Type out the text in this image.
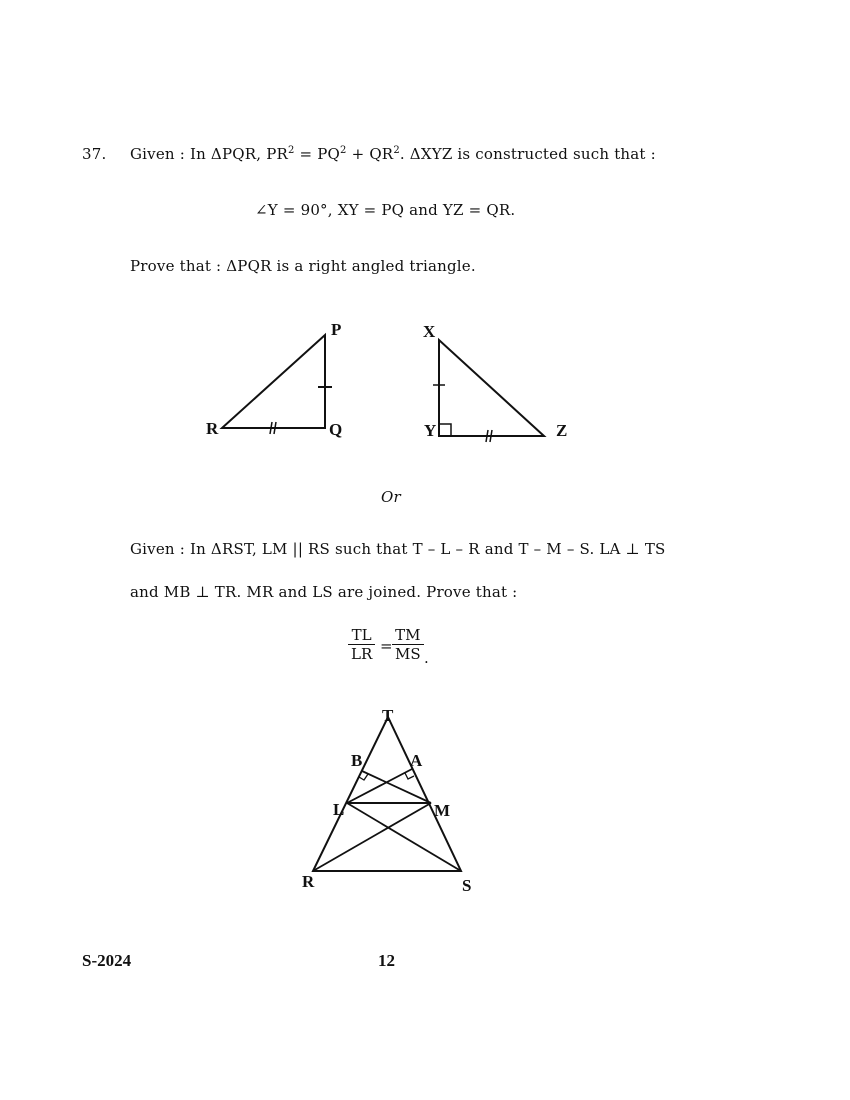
37. Given : In ΔPQR, $PR^2 = PQ^2 + QR^2$. ΔXYZ is constructed such that :
∠Y = 90°, XY = PQ and YZ = QR.
Prove that : ΔPQR is a right angled triangle.
P
Q
R
X
Y	Z
Or
Given : In ΔRST, LM || RS such that T – L – R and T – M – S. LA ⊥ TS
and MB ⊥ TR. MR and LS are joined. Prove that :
$\frac{TL}{LR} = \frac{TM}{MS}$ .
T
A
B
L	M
R	S
S-2024	12
